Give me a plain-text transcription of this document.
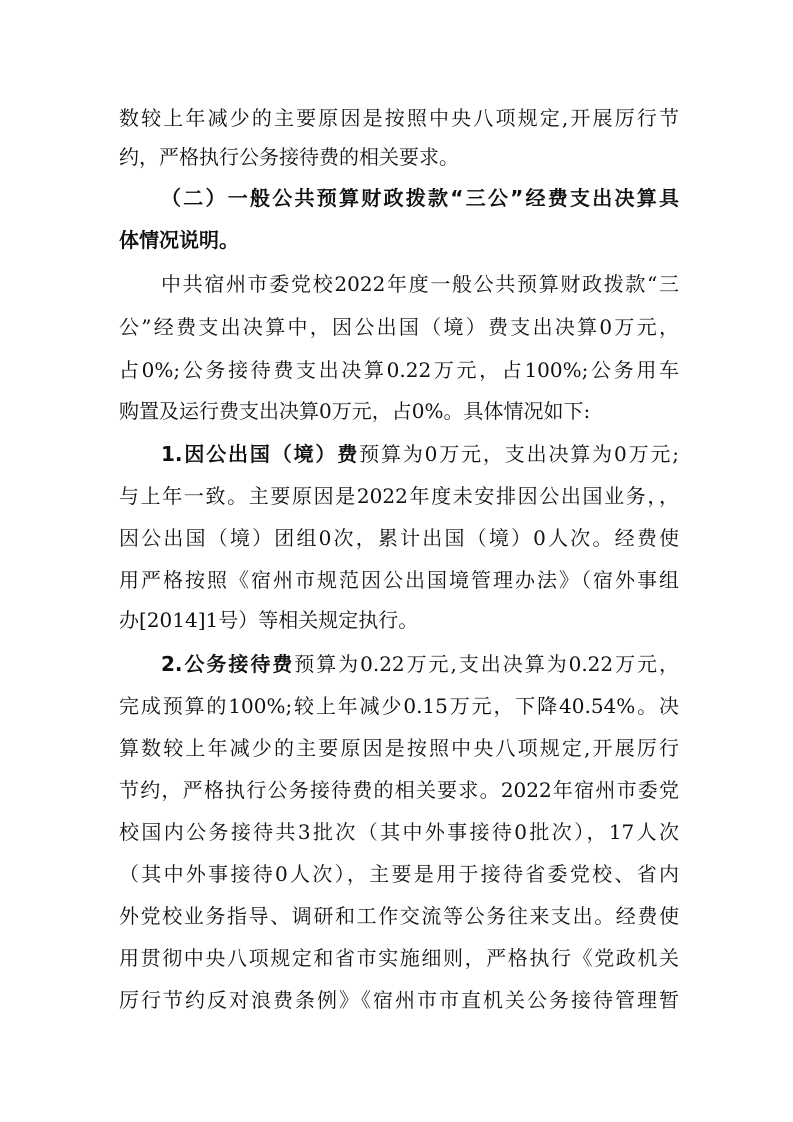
数较上年减少的主要原因是按照中央八项规定,开展厉行节
约，严格执行公务接待费的相关要求。
（二）一般公共预算财政拨款“三公”经费支出决算具
体情况说明。
中共宿州市委党校2022年度一般公共预算财政拨款“三
公”经费支出决算中，因公出国（境）费支出决算0万元，
占0%;公务接待费支出决算0.22万元，占100%;公务用车
购置及运行费支出决算0万元，占0%。具体情况如下:
1.因公出国（境）费预算为0万元，支出决算为0万元;
与上年一致。主要原因是2022年度未安排因公出国业务，，
因公出国（境）团组0次，累计出国（境）0人次。经费使
用严格按照《宿州市规范因公出国境管理办法》（宿外事组
办[2014]1号）等相关规定执行。
2.公务接待费预算为0.22万元,支出决算为0.22万元，
完成预算的100%;较上年减少0.15万元，下降40.54%。决
算数较上年减少的主要原因是按照中央八项规定,开展厉行
节约，严格执行公务接待费的相关要求。2022年宿州市委党
校国内公务接待共3批次（其中外事接待0批次），17人次
（其中外事接待0人次），主要是用于接待省委党校、省内
外党校业务指导、调研和工作交流等公务往来支出。经费使
用贯彻中央八项规定和省市实施细则，严格执行《党政机关
厉行节约反对浪费条例》《宿州市市直机关公务接待管理暂
